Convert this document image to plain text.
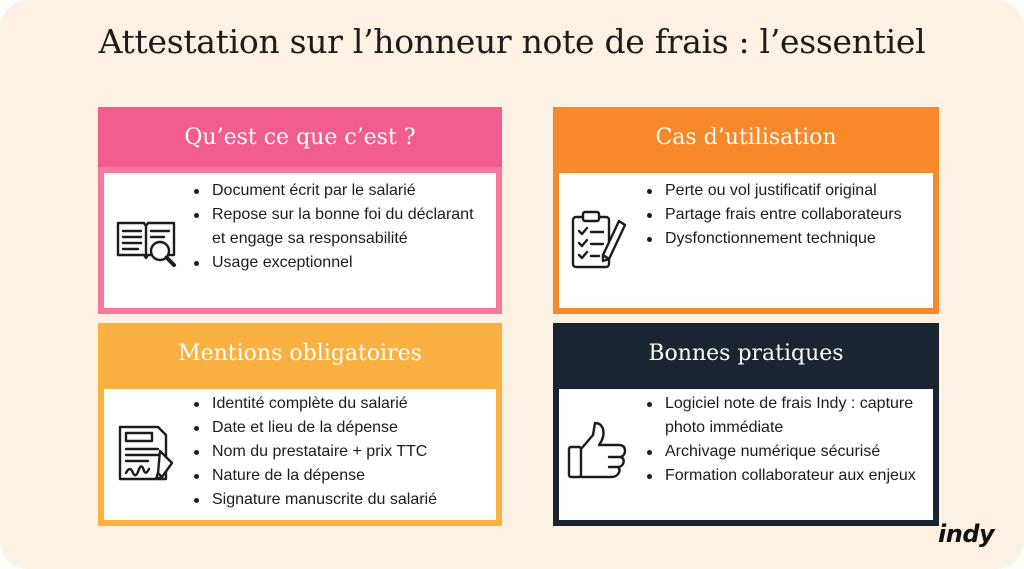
Attestation sur l’honneur note de frais : l’essentiel
Qu’est ce que c’est ?
Document écrit par le salarié
Repose sur la bonne foi du déclarant et engage sa responsabilité
Usage exceptionnel
Cas d’utilisation
Perte ou vol justificatif original
Partage frais entre collaborateurs
Dysfonctionnement technique
Mentions obligatoires
Identité complète du salarié
Date et lieu de la dépense
Nom du prestataire + prix TTC
Nature de la dépense
Signature manuscrite du salarié
Bonnes pratiques
Logiciel note de frais Indy : capture photo immédiate
Archivage numérique sécurisé
Formation collaborateur aux enjeux
indy
